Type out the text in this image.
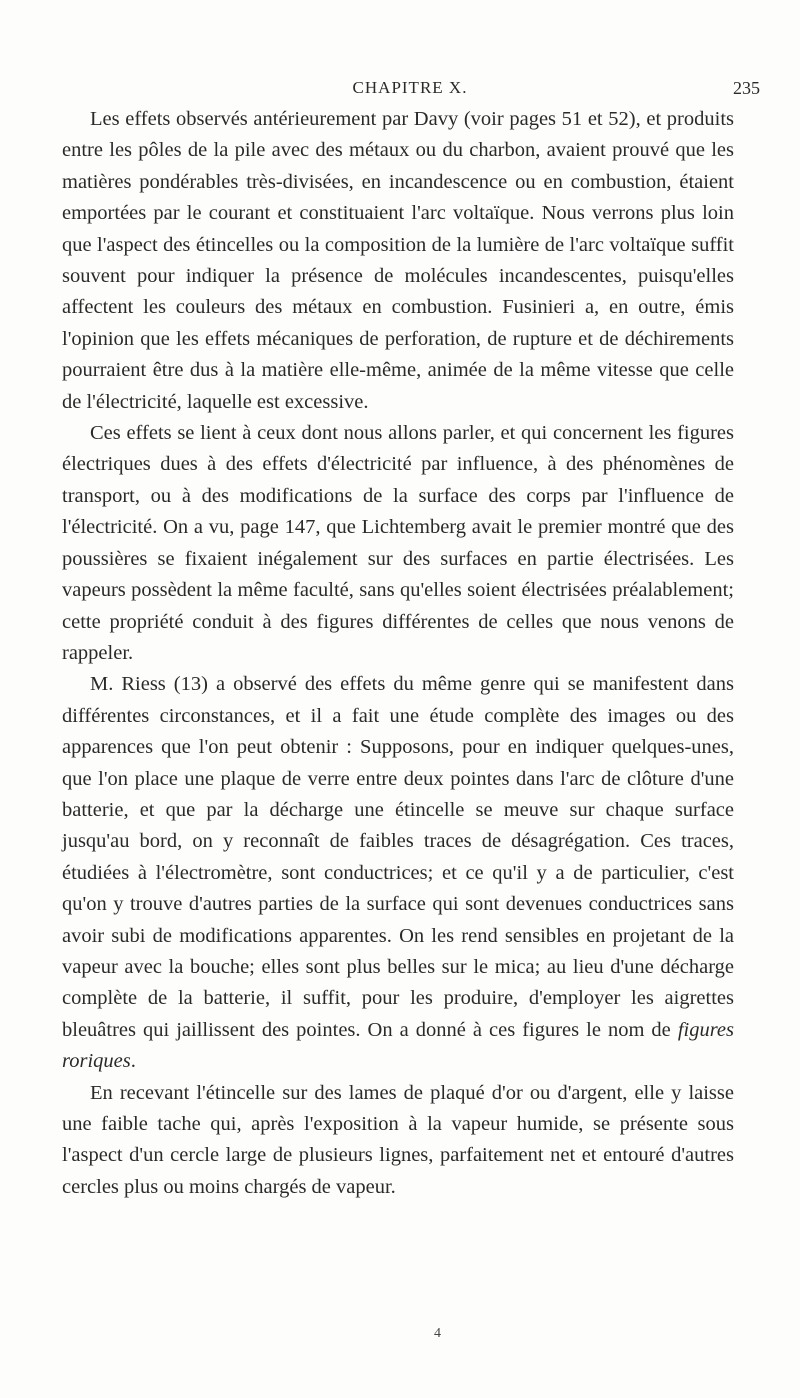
CHAPITRE X.	235

Les effets observés antérieurement par Davy (voir pages 51 et 52), et produits entre les pôles de la pile avec des métaux ou du charbon, avaient prouvé que les matières pondérables très-divisées, en incandescence ou en combustion, étaient emportées par le courant et constituaient l'arc voltaïque. Nous verrons plus loin que l'aspect des étincelles ou la composition de la lumière de l'arc voltaïque suffit souvent pour indiquer la présence de molécules incandescentes, puisqu'elles affectent les couleurs des métaux en combustion. Fusinieri a, en outre, émis l'opinion que les effets mécaniques de perforation, de rupture et de déchirements pourraient être dus à la matière elle-même, animée de la même vitesse que celle de l'électricité, laquelle est excessive.

Ces effets se lient à ceux dont nous allons parler, et qui concernent les figures électriques dues à des effets d'électricité par influence, à des phénomènes de transport, ou à des modifications de la surface des corps par l'influence de l'électricité. On a vu, page 147, que Lichtemberg avait le premier montré que des poussières se fixaient inégalement sur des surfaces en partie électrisées. Les vapeurs possèdent la même faculté, sans qu'elles soient électrisées préalablement; cette propriété conduit à des figures différentes de celles que nous venons de rappeler.

M. Riess (13) a observé des effets du même genre qui se manifestent dans différentes circonstances, et il a fait une étude complète des images ou des apparences que l'on peut obtenir : Supposons, pour en indiquer quelques-unes, que l'on place une plaque de verre entre deux pointes dans l'arc de clôture d'une batterie, et que par la décharge une étincelle se meuve sur chaque surface jusqu'au bord, on y reconnaît de faibles traces de désagrégation. Ces traces, étudiées à l'électromètre, sont conductrices; et ce qu'il y a de particulier, c'est qu'on y trouve d'autres parties de la surface qui sont devenues conductrices sans avoir subi de modifications apparentes. On les rend sensibles en projetant de la vapeur avec la bouche; elles sont plus belles sur le mica; au lieu d'une décharge complète de la batterie, il suffit, pour les produire, d'employer les aigrettes bleuâtres qui jaillissent des pointes. On a donné à ces figures le nom de figures roriques.

En recevant l'étincelle sur des lames de plaqué d'or ou d'argent, elle y laisse une faible tache qui, après l'exposition à la vapeur humide, se présente sous l'aspect d'un cercle large de plusieurs lignes, parfaitement net et entouré d'autres cercles plus ou moins chargés de vapeur.

4
